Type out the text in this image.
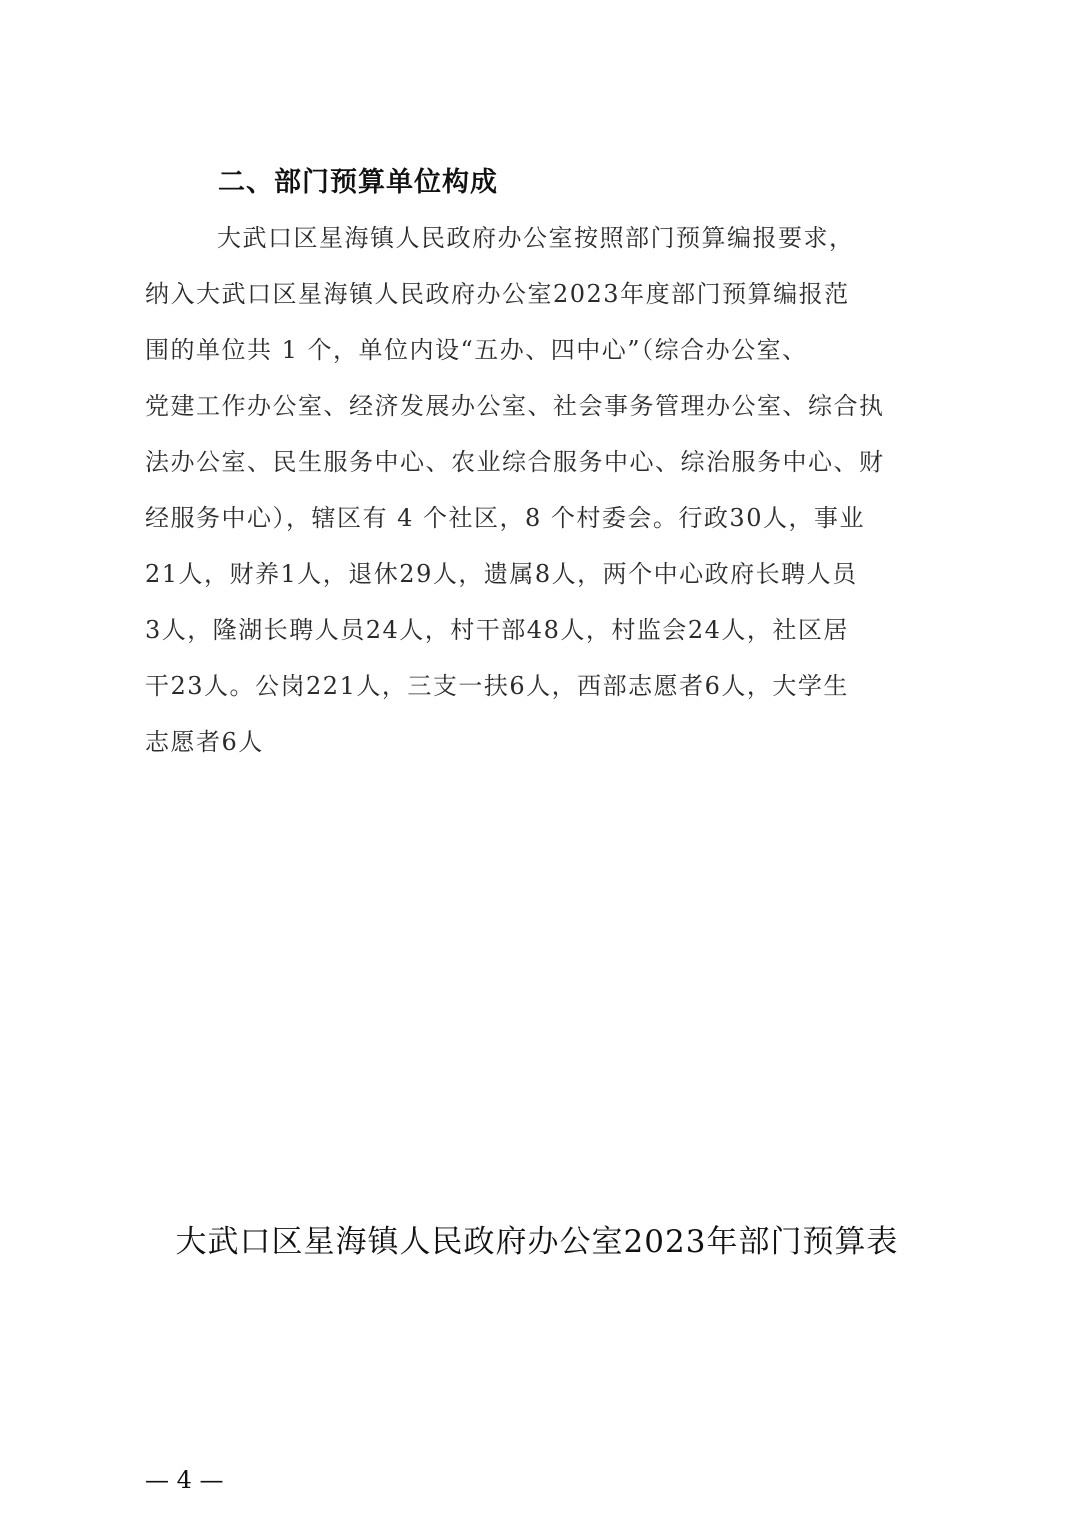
二、部门预算单位构成
大武口区星海镇人民政府办公室按照部门预算编报要求，
纳入大武口区星海镇人民政府办公室2023年度部门预算编报范
围的单位共 1 个，单位内设“五办、四中心”（综合办公室、
党建工作办公室、经济发展办公室、社会事务管理办公室、综合执
法办公室、民生服务中心、农业综合服务中心、综治服务中心、财
经服务中心），辖区有 4 个社区，8 个村委会。行政30人，事业
21人，财养1人，退休29人，遗属8人，两个中心政府长聘人员
3人，隆湖长聘人员24人，村干部48人，村监会24人，社区居
干23人。公岗221人，三支一扶6人，西部志愿者6人，大学生
志愿者6人
大武口区星海镇人民政府办公室2023年部门预算表
— 4 —
